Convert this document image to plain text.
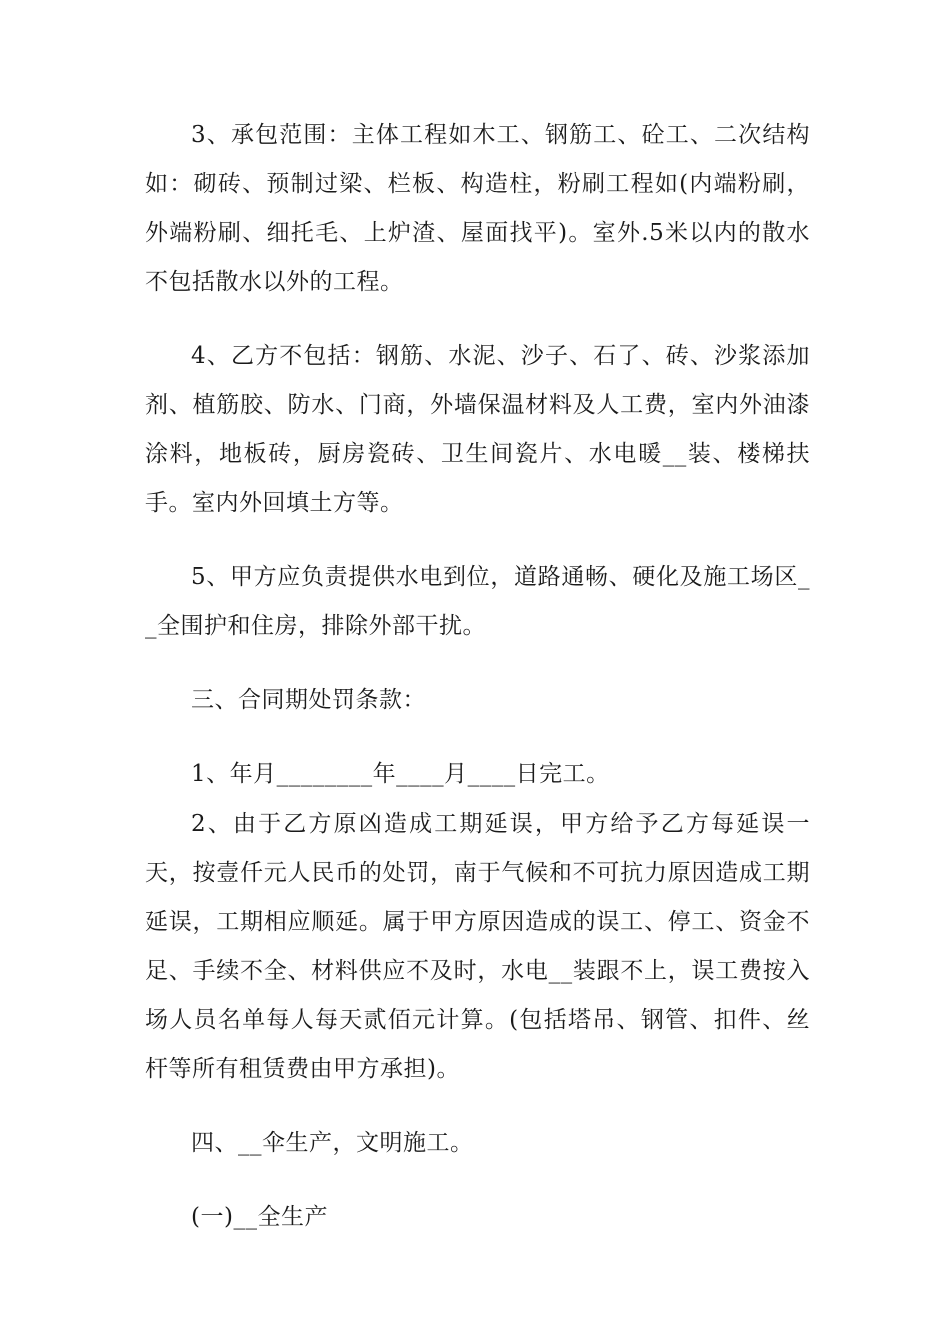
3、承包范围：主体工程如木工、钢筋工、砼工、二次结构如：砌砖、预制过梁、栏板、构造柱，粉刷工程如(内端粉刷，外端粉刷、细托毛、上炉渣、屋面找平)。室外.5米以内的散水不包括散水以外的工程。

4、乙方不包括：钢筋、水泥、沙子、石了、砖、沙浆添加剂、植筋胶、防水、门商，外墙保温材料及人工费，室内外油漆涂料，地板砖，厨房瓷砖、卫生间瓷片、水电暖__装、楼梯扶手。室内外回填土方等。

5、甲方应负责提供水电到位，道路通畅、硬化及施工场区__全围护和住房，排除外部干扰。

三、合同期处罚条款：

1、年月________年____月____日完工。

2、由于乙方原凶造成工期延误，甲方给予乙方每延误一天，按壹仟元人民币的处罚，南于气候和不可抗力原因造成工期延误，工期相应顺延。属于甲方原因造成的误工、停工、资金不足、手续不全、材料供应不及时，水电__装跟不上，误工费按入场人员名单每人每天贰佰元计算。(包括塔吊、钢管、扣件、丝杆等所有租赁费由甲方承担)。

四、__伞生产，文明施工。

(一)__全生产
